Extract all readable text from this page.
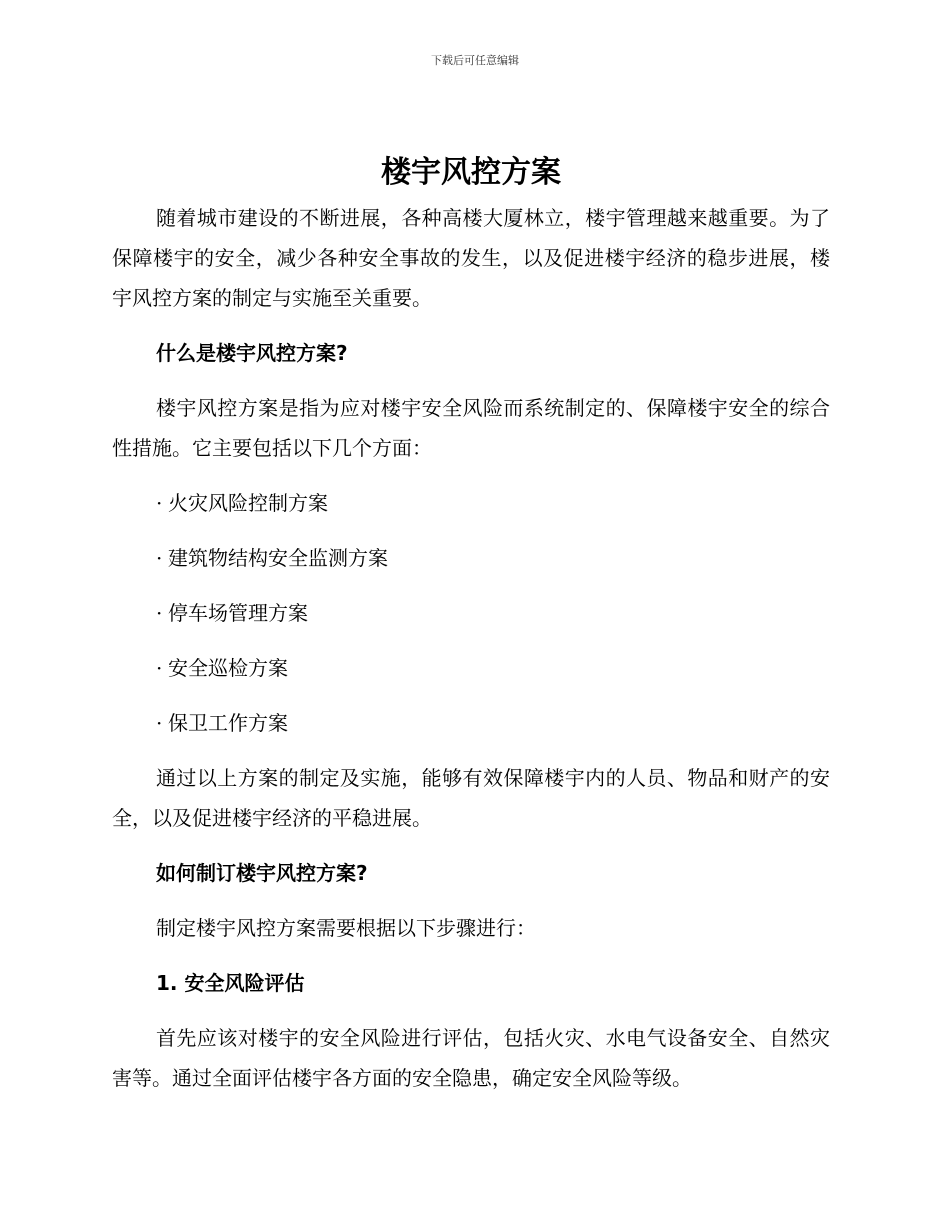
下载后可任意编辑
楼宇风控方案

随着城市建设的不断进展，各种高楼大厦林立，楼宇管理越来越重要。为了保障楼宇的安全，减少各种安全事故的发生，以及促进楼宇经济的稳步进展，楼宇风控方案的制定与实施至关重要。

什么是楼宇风控方案?

楼宇风控方案是指为应对楼宇安全风险而系统制定的、保障楼宇安全的综合性措施。它主要包括以下几个方面：

· 火灾风险控制方案
· 建筑物结构安全监测方案
· 停车场管理方案
· 安全巡检方案
· 保卫工作方案

通过以上方案的制定及实施，能够有效保障楼宇内的人员、物品和财产的安全，以及促进楼宇经济的平稳进展。

如何制订楼宇风控方案?

制定楼宇风控方案需要根据以下步骤进行：

1. 安全风险评估

首先应该对楼宇的安全风险进行评估，包括火灾、水电气设备安全、自然灾害等。通过全面评估楼宇各方面的安全隐患，确定安全风险等级。
